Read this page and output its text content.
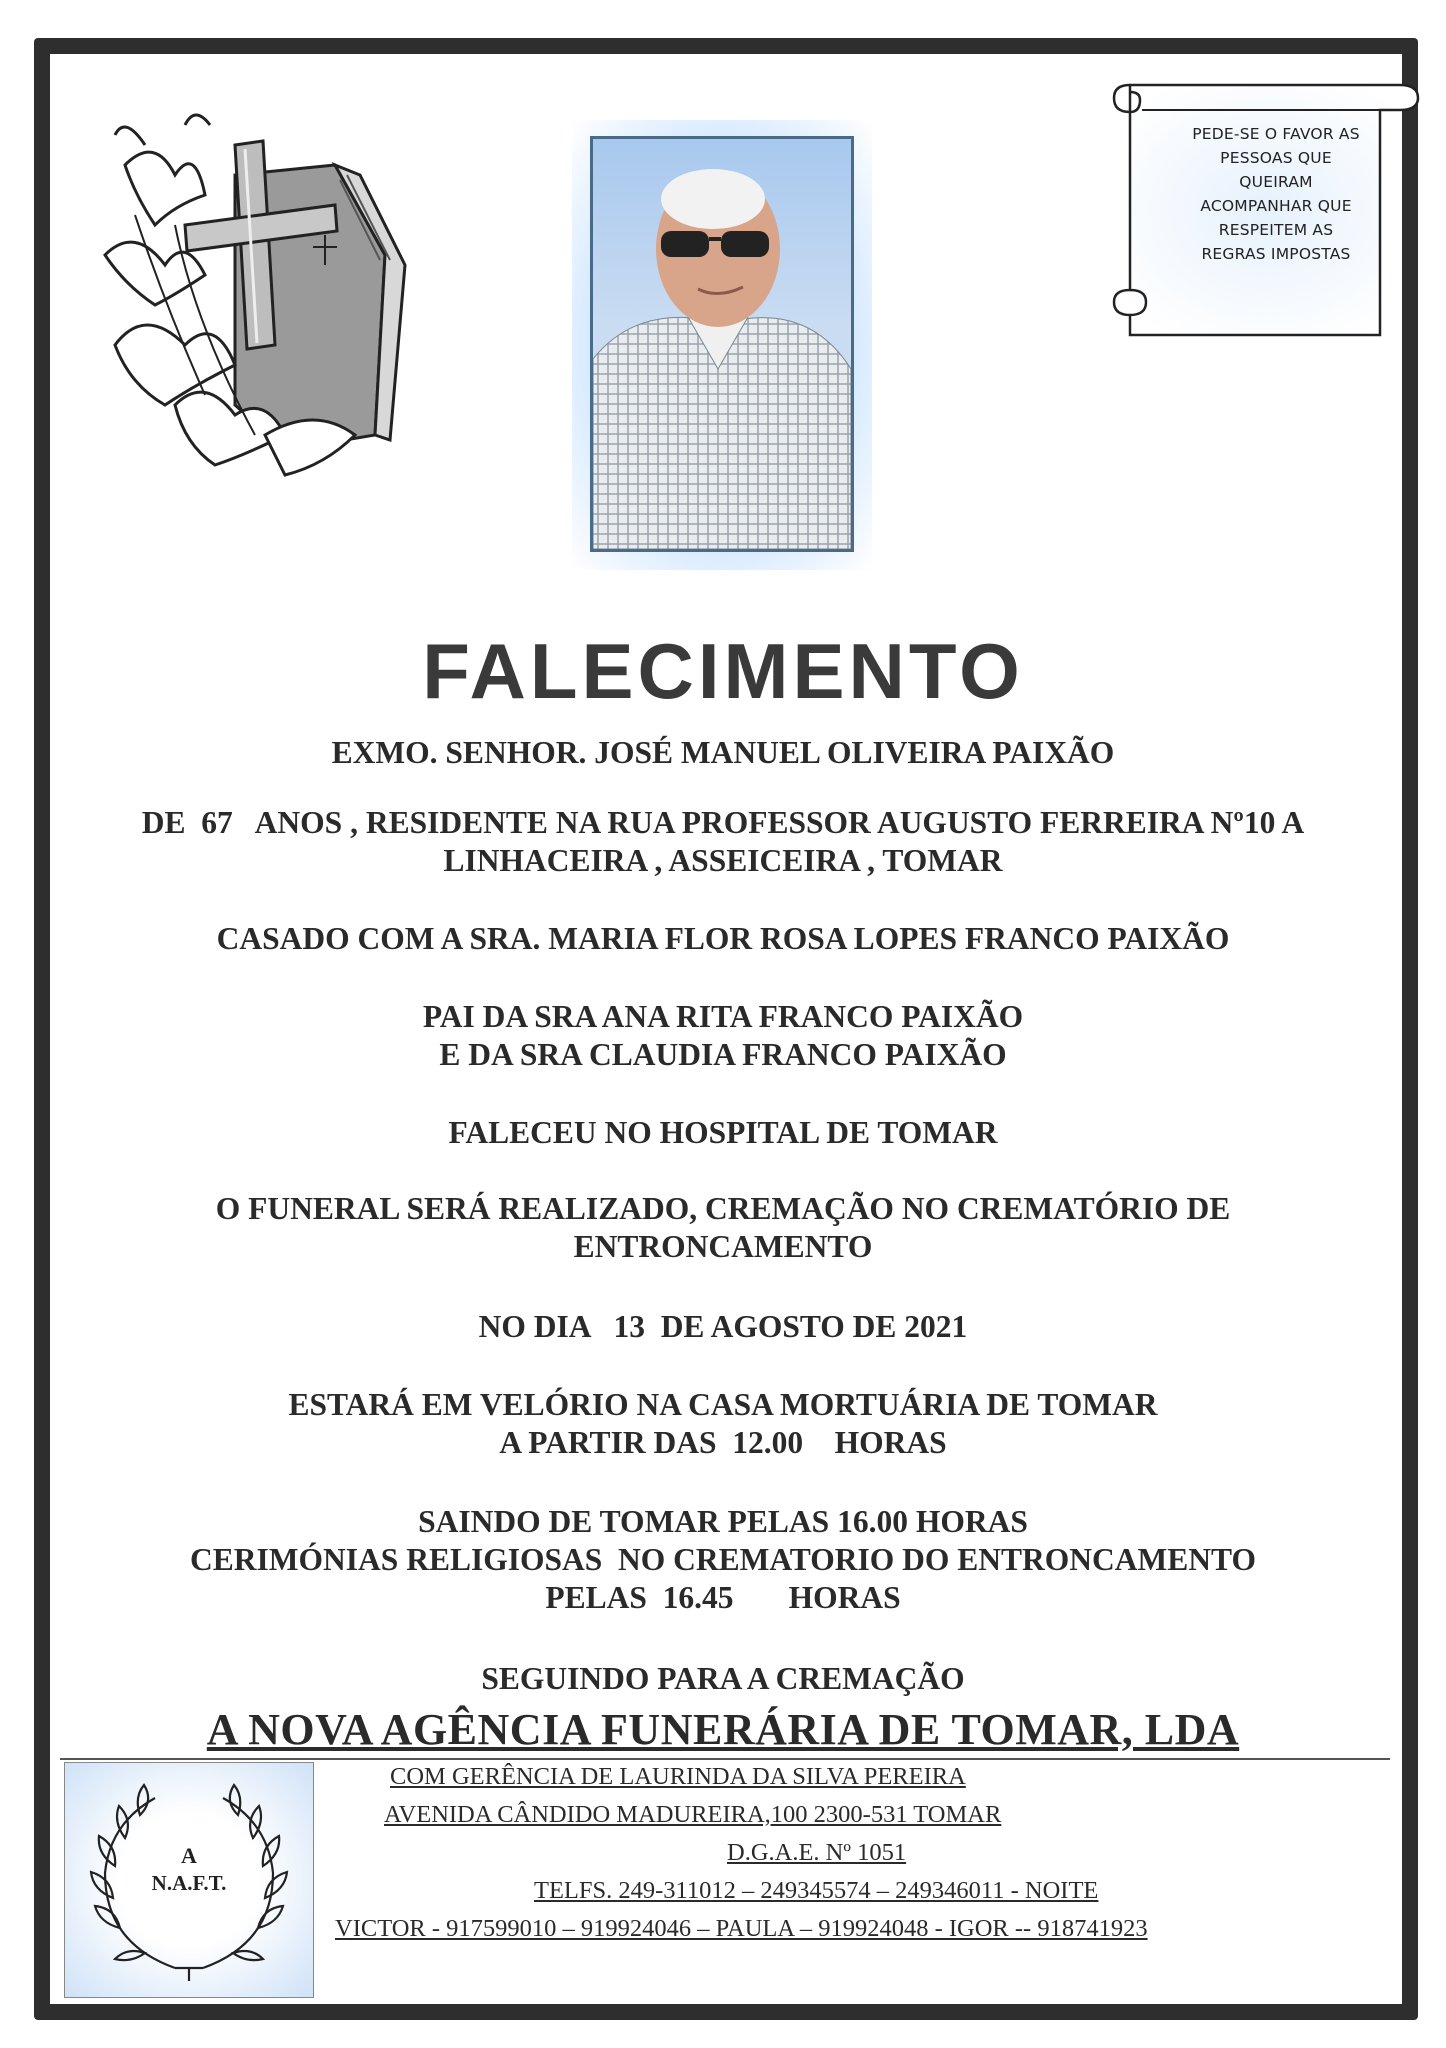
PEDE-SE O FAVOR AS
PESSOAS QUE
QUEIRAM
ACOMPANHAR QUE
RESPEITEM AS
REGRAS IMPOSTAS
FALECIMENTO
EXMO. SENHOR. JOSÉ MANUEL OLIVEIRA PAIXÃO
DE  67   ANOS , RESIDENTE NA RUA PROFESSOR AUGUSTO FERREIRA Nº10 A
LINHACEIRA , ASSEICEIRA , TOMAR
CASADO COM A SRA. MARIA FLOR ROSA LOPES FRANCO PAIXÃO
PAI DA SRA ANA RITA FRANCO PAIXÃO
E DA SRA CLAUDIA FRANCO PAIXÃO
FALECEU NO HOSPITAL DE TOMAR
O FUNERAL SERÁ REALIZADO, CREMAÇÃO NO CREMATÓRIO DE
ENTRONCAMENTO
NO DIA   13  DE AGOSTO DE 2021
ESTARÁ EM VELÓRIO NA CASA MORTUÁRIA DE TOMAR
A PARTIR DAS  12.00    HORAS
SAINDO DE TOMAR PELAS 16.00 HORAS
CERIMÓNIAS RELIGIOSAS  NO CREMATORIO DO ENTRONCAMENTO
PELAS  16.45       HORAS
SEGUINDO PARA A CREMAÇÃO
A NOVA AGÊNCIA FUNERÁRIA DE TOMAR, LDA
A
N.A.F.T.
COM GERÊNCIA DE LAURINDA DA SILVA PEREIRA
AVENIDA CÂNDIDO MADUREIRA,100 2300-531 TOMAR
D.G.A.E. Nº 1051
TELFS. 249-311012 – 249345574 – 249346011 - NOITE
VICTOR - 917599010 – 919924046 – PAULA – 919924048 - IGOR -- 918741923
